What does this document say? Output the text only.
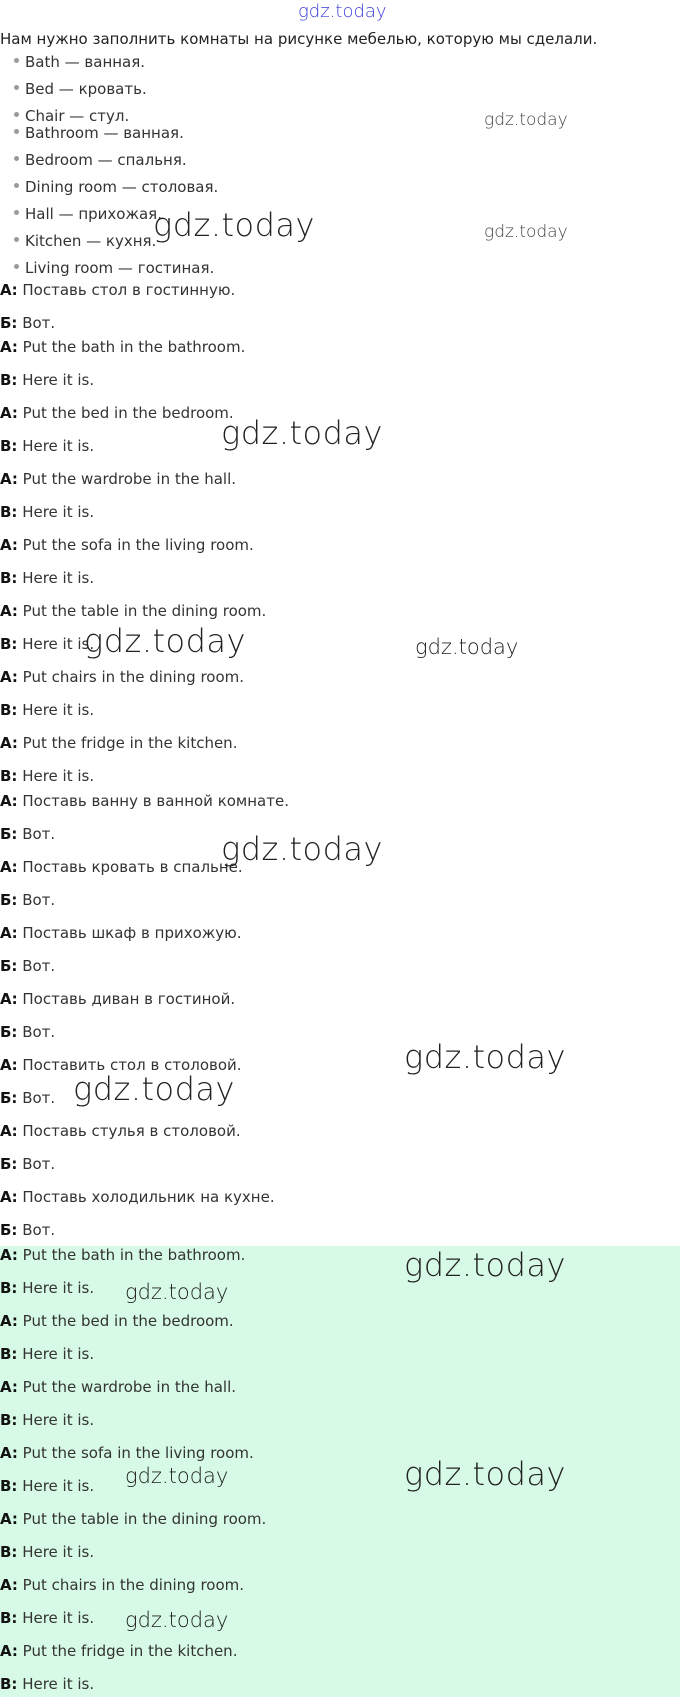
gdz.today
Нам нужно заполнить комнаты на рисунке мебелью, которую мы сделали.
Bath — ванная.
Bed — кровать.
Chair — стул.
Bathroom — ванная.
Bedroom — спальня.
Dining room — столовая.
Hall — прихожая.
Kitchen — кухня.
Living room — гостиная.
А: Поставь стол в гостинную.
Б: Вот.
A: Put the bath in the bathroom.
B: Here it is.
A: Put the bed in the bedroom.
B: Here it is.
A: Put the wardrobe in the hall.
B: Here it is.
A: Put the sofa in the living room.
B: Here it is.
A: Put the table in the dining room.
B: Here it is.
A: Put chairs in the dining room.
B: Here it is.
A: Put the fridge in the kitchen.
B: Here it is.
А: Поставь ванну в ванной комнате.
Б: Вот.
А: Поставь кровать в спальне.
Б: Вот.
А: Поставь шкаф в прихожую.
Б: Вот.
А: Поставь диван в гостиной.
Б: Вот.
А: Поставить стол в столовой.
Б: Вот.
А: Поставь стулья в столовой.
Б: Вот.
А: Поставь холодильник на кухне.
Б: Вот.
A: Put the bath in the bathroom.
B: Here it is.
A: Put the bed in the bedroom.
B: Here it is.
A: Put the wardrobe in the hall.
B: Here it is.
A: Put the sofa in the living room.
B: Here it is.
A: Put the table in the dining room.
B: Here it is.
A: Put chairs in the dining room.
B: Here it is.
A: Put the fridge in the kitchen.
B: Here it is.
gdz.today
gdz.today
gdz.today
gdz.today
gdz.today	gdz.today
gdz.today
gdz.today
gdz.today
gdz.today
gdz.today
gdz.today	gdz.today
gdz.today
